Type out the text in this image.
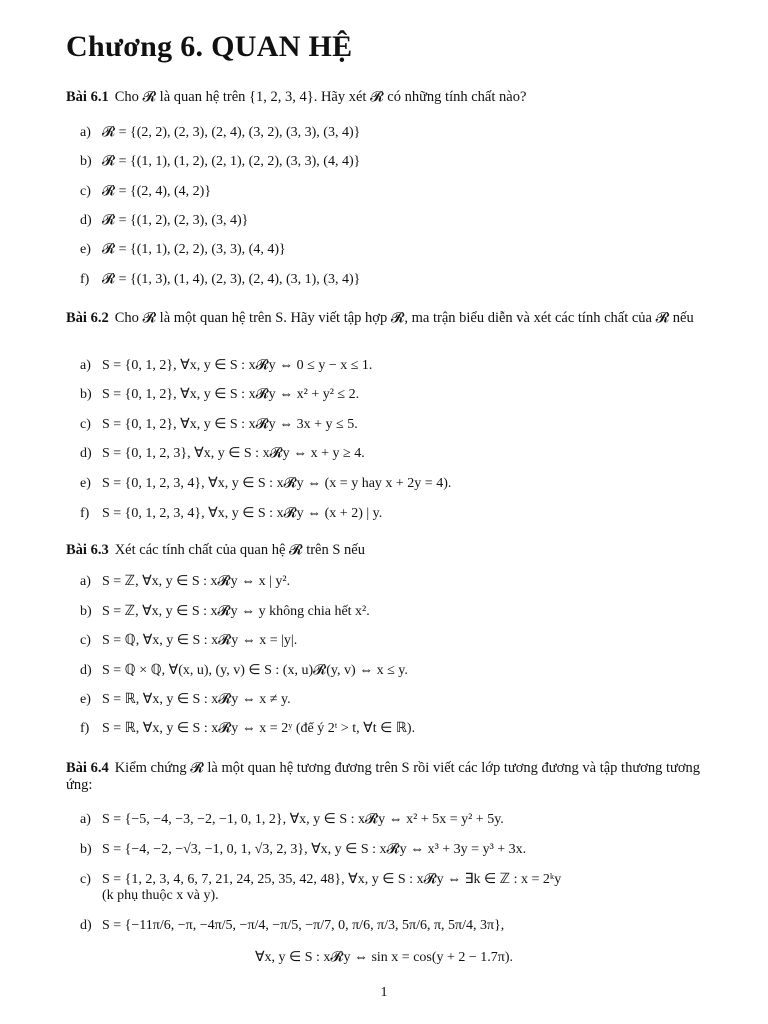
Chương 6. QUAN HỆ
Bài 6.1 Cho 𝓡 là quan hệ trên {1, 2, 3, 4}. Hãy xét 𝓡 có những tính chất nào?
a) 𝓡 = {(2, 2), (2, 3), (2, 4), (3, 2), (3, 3), (3, 4)}
b) 𝓡 = {(1, 1), (1, 2), (2, 1), (2, 2), (3, 3), (4, 4)}
c) 𝓡 = {(2, 4), (4, 2)}
d) 𝓡 = {(1, 2), (2, 3), (3, 4)}
e) 𝓡 = {(1, 1), (2, 2), (3, 3), (4, 4)}
f) 𝓡 = {(1, 3), (1, 4), (2, 3), (2, 4), (3, 1), (3, 4)}
Bài 6.2 Cho 𝓡 là một quan hệ trên S. Hãy viết tập hợp 𝓡, ma trận biểu diễn và xét các tính chất của 𝓡 nếu
a) S = {0, 1, 2}, ∀x, y ∈ S : x𝓡y ⇔ 0 ≤ y − x ≤ 1.
b) S = {0, 1, 2}, ∀x, y ∈ S : x𝓡y ⇔ x² + y² ≤ 2.
c) S = {0, 1, 2}, ∀x, y ∈ S : x𝓡y ⇔ 3x + y ≤ 5.
d) S = {0, 1, 2, 3}, ∀x, y ∈ S : x𝓡y ⇔ x + y ≥ 4.
e) S = {0, 1, 2, 3, 4}, ∀x, y ∈ S : x𝓡y ⇔ (x = y hay x + 2y = 4).
f) S = {0, 1, 2, 3, 4}, ∀x, y ∈ S : x𝓡y ⇔ (x + 2) | y.
Bài 6.3 Xét các tính chất của quan hệ 𝓡 trên S nếu
a) S = ℤ, ∀x, y ∈ S : x𝓡y ⇔ x | y².
b) S = ℤ, ∀x, y ∈ S : x𝓡y ⇔ y không chia hết x².
c) S = ℚ, ∀x, y ∈ S : x𝓡y ⇔ x = |y|.
d) S = ℚ × ℚ, ∀(x, u), (y, v) ∈ S : (x, u)𝓡(y, v) ⇔ x ≤ y.
e) S = ℝ, ∀x, y ∈ S : x𝓡y ⇔ x ≠ y.
f) S = ℝ, ∀x, y ∈ S : x𝓡y ⇔ x = 2ʸ (để ý 2ᵗ > t, ∀t ∈ ℝ).
Bài 6.4 Kiểm chứng 𝓡 là một quan hệ tương đương trên S rồi viết các lớp tương đương và tập thương tương ứng:
a) S = {−5, −4, −3, −2, −1, 0, 1, 2}, ∀x, y ∈ S : x𝓡y ⇔ x² + 5x = y² + 5y.
b) S = {−4, −2, −√3, −1, 0, 1, √3, 2, 3}, ∀x, y ∈ S : x𝓡y ⇔ x³ + 3y = y³ + 3x.
c) S = {1, 2, 3, 4, 6, 7, 21, 24, 25, 35, 42, 48}, ∀x, y ∈ S : x𝓡y ⇔ ∃k ∈ ℤ : x = 2ᵏy
(k phụ thuộc x và y).
d) S = {−11π/6, −π, −4π/5, −π/4, −π/5, −π/7, 0, π/6, π/3, 5π/6, π, 5π/4, 3π},
∀x, y ∈ S : x𝓡y ⇔ sin x = cos(y + 2 − 1.7π).
1
